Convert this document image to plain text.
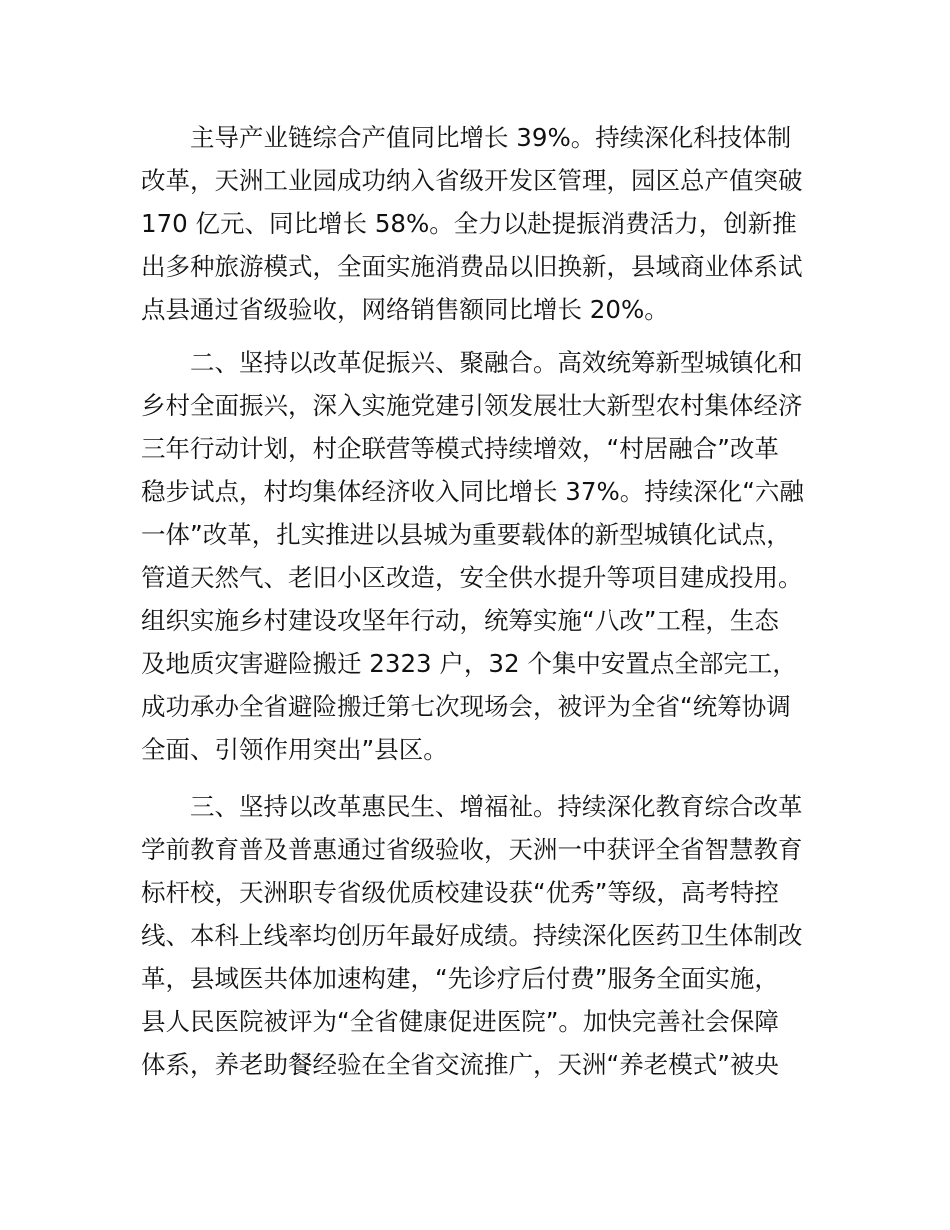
主导产业链综合产值同比增长 39%。持续深化科技体制
改革，天洲工业园成功纳入省级开发区管理，园区总产值突破
170 亿元、同比增长 58%。全力以赴提振消费活力，创新推
出多种旅游模式，全面实施消费品以旧换新，县域商业体系试
点县通过省级验收，网络销售额同比增长 20%。
二、坚持以改革促振兴、聚融合。高效统筹新型城镇化和
乡村全面振兴，深入实施党建引领发展壮大新型农村集体经济
三年行动计划，村企联营等模式持续增效，“村居融合”改革
稳步试点，村均集体经济收入同比增长 37%。持续深化“六融
一体”改革，扎实推进以县城为重要载体的新型城镇化试点，
管道天然气、老旧小区改造，安全供水提升等项目建成投用。
组织实施乡村建设攻坚年行动，统筹实施“八改”工程，生态
及地质灾害避险搬迁 2323 户，32 个集中安置点全部完工，
成功承办全省避险搬迁第七次现场会，被评为全省“统筹协调
全面、引领作用突出”县区。
三、坚持以改革惠民生、增福祉。持续深化教育综合改革
学前教育普及普惠通过省级验收，天洲一中获评全省智慧教育
标杆校，天洲职专省级优质校建设获“优秀”等级，高考特控
线、本科上线率均创历年最好成绩。持续深化医药卫生体制改
革，县域医共体加速构建，“先诊疗后付费”服务全面实施，
县人民医院被评为“全省健康促进医院”。加快完善社会保障
体系，养老助餐经验在全省交流推广，天洲“养老模式”被央
